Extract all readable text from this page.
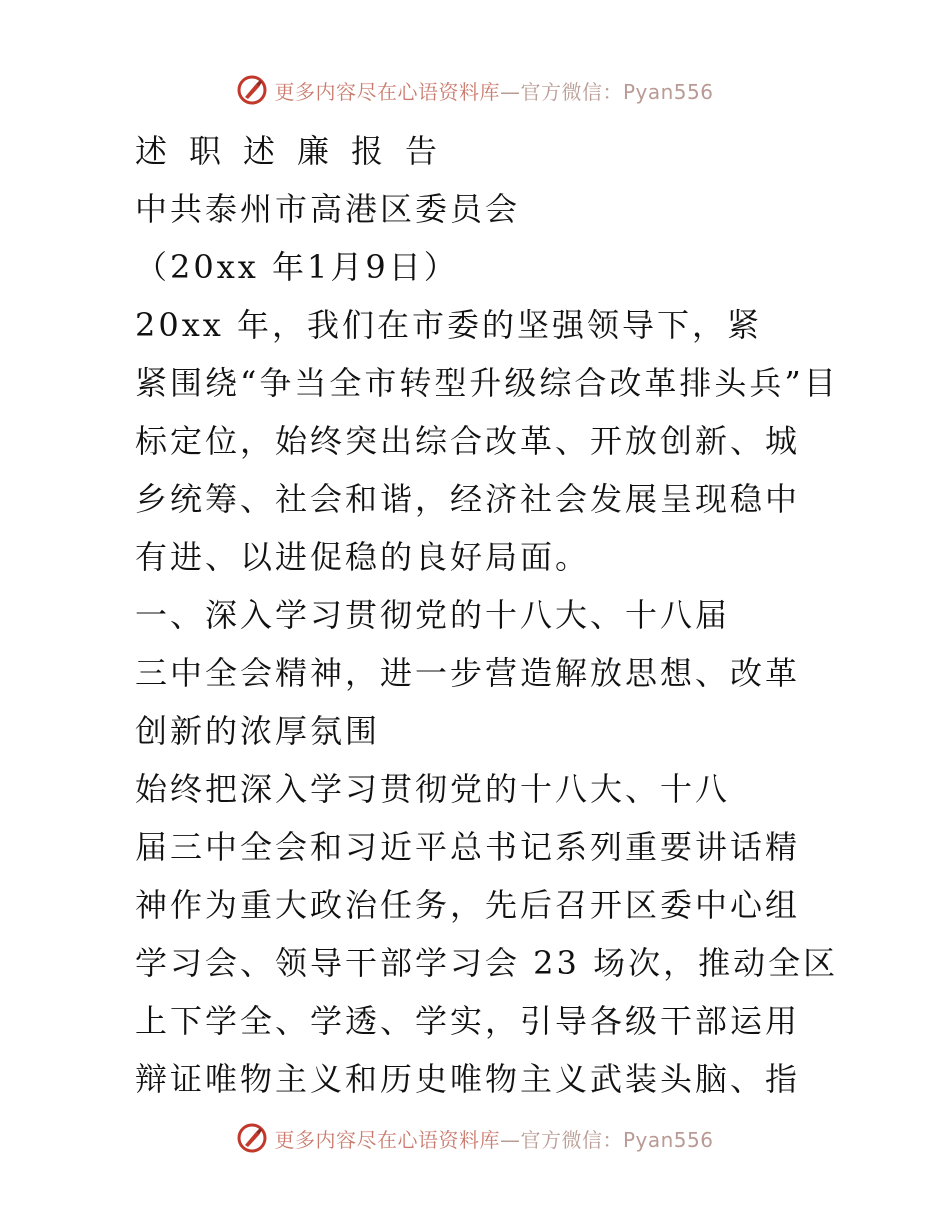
更多内容尽在心语资料库—官方微信：Pyan556

述职述廉报告

中共泰州市高港区委员会

（20xx 年1月9日）

20xx 年，我们在市委的坚强领导下，紧

紧围绕“争当全市转型升级综合改革排头兵”目

标定位，始终突出综合改革、开放创新、城

乡统筹、社会和谐，经济社会发展呈现稳中

有进、以进促稳的良好局面。

一、深入学习贯彻党的十八大、十八届

三中全会精神，进一步营造解放思想、改革

创新的浓厚氛围

始终把深入学习贯彻党的十八大、十八

届三中全会和习近平总书记系列重要讲话精

神作为重大政治任务，先后召开区委中心组

学习会、领导干部学习会 23 场次，推动全区

上下学全、学透、学实，引导各级干部运用

辩证唯物主义和历史唯物主义武装头脑、指

更多内容尽在心语资料库—官方微信：Pyan556
